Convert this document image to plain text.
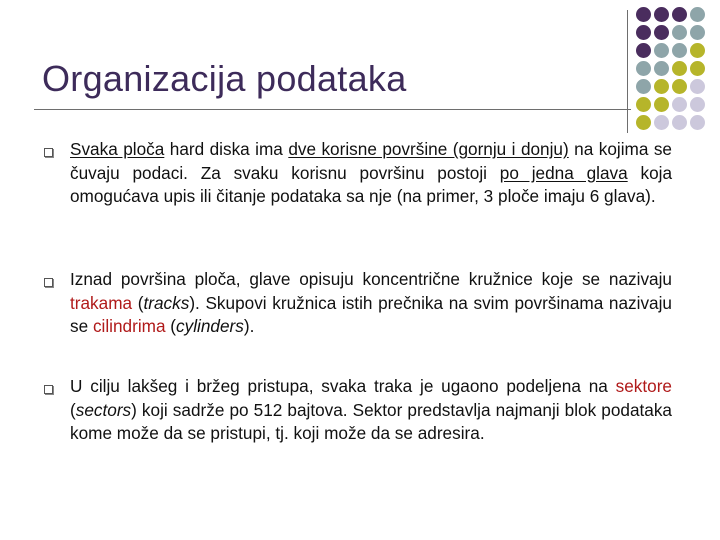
Organizacija podataka
Svaka ploča hard diska ima dve korisne površine (gornju i donju) na kojima se čuvaju podaci. Za svaku korisnu površinu postoji po jedna glava koja omogućava upis ili čitanje podataka sa nje (na primer, 3 ploče imaju 6 glava).
Iznad površina ploča, glave opisuju koncentrične kružnice koje se nazivaju trakama (tracks). Skupovi kružnica istih prečnika na svim površinama nazivaju se cilindrima (cylinders).
U cilju lakšeg i bržeg pristupa, svaka traka je ugaono podeljena na sektore (sectors) koji sadrže po 512 bajtova. Sektor predstavlja najmanji blok podataka kome može da se pristupi, tj. koji može da se adresira.
